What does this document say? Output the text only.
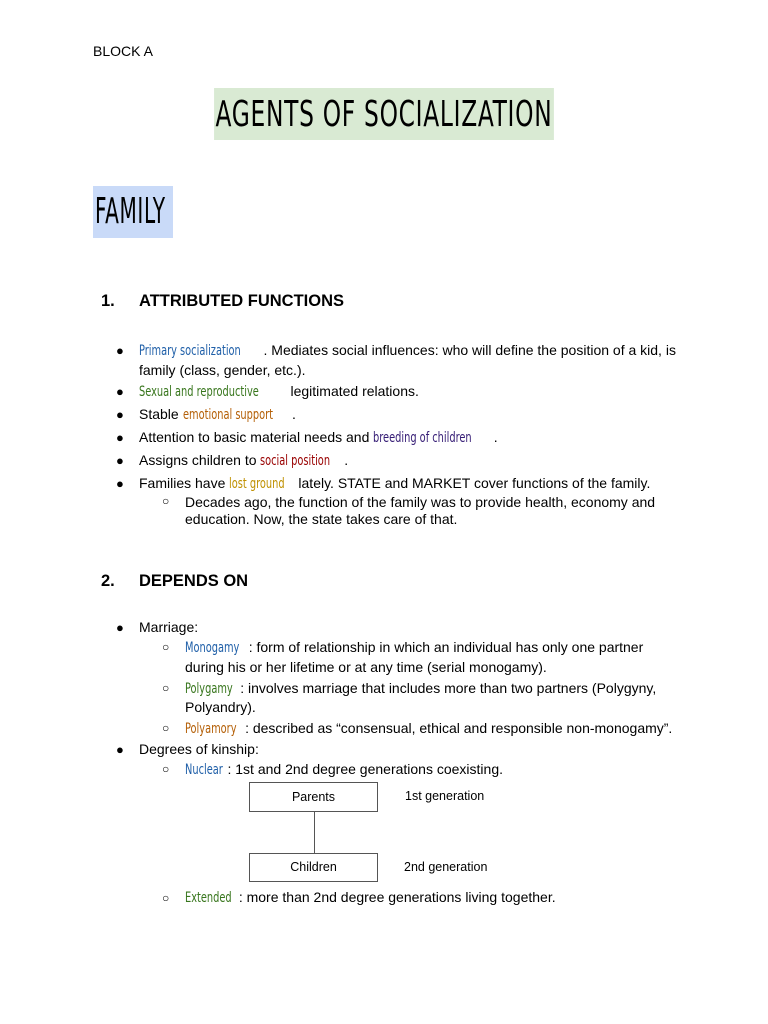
BLOCK A
AGENTS OF SOCIALIZATION
FAMILY
1. ATTRIBUTED FUNCTIONS
● Primary socialization . Mediates social influences: who will define the position of a kid, is
family (class, gender, etc.).
● Sexual and reproductive legitimated relations.
● Stable emotional support .
● Attention to basic material needs and breeding of children .
● Assigns children to social position .
● Families have lost ground lately. STATE and MARKET cover functions of the family.
○ Decades ago, the function of the family was to provide health, economy and
education. Now, the state takes care of that.
2. DEPENDS ON
● Marriage:
○ Monogamy : form of relationship in which an individual has only one partner
during his or her lifetime or at any time (serial monogamy).
○ Polygamy : involves marriage that includes more than two partners (Polygyny,
Polyandry).
○ Polyamory : described as “consensual, ethical and responsible non-monogamy”.
● Degrees of kinship:
○ Nuclear : 1st and 2nd degree generations coexisting.
Parents	1st generation
Children	2nd generation
○ Extended : more than 2nd degree generations living together.
